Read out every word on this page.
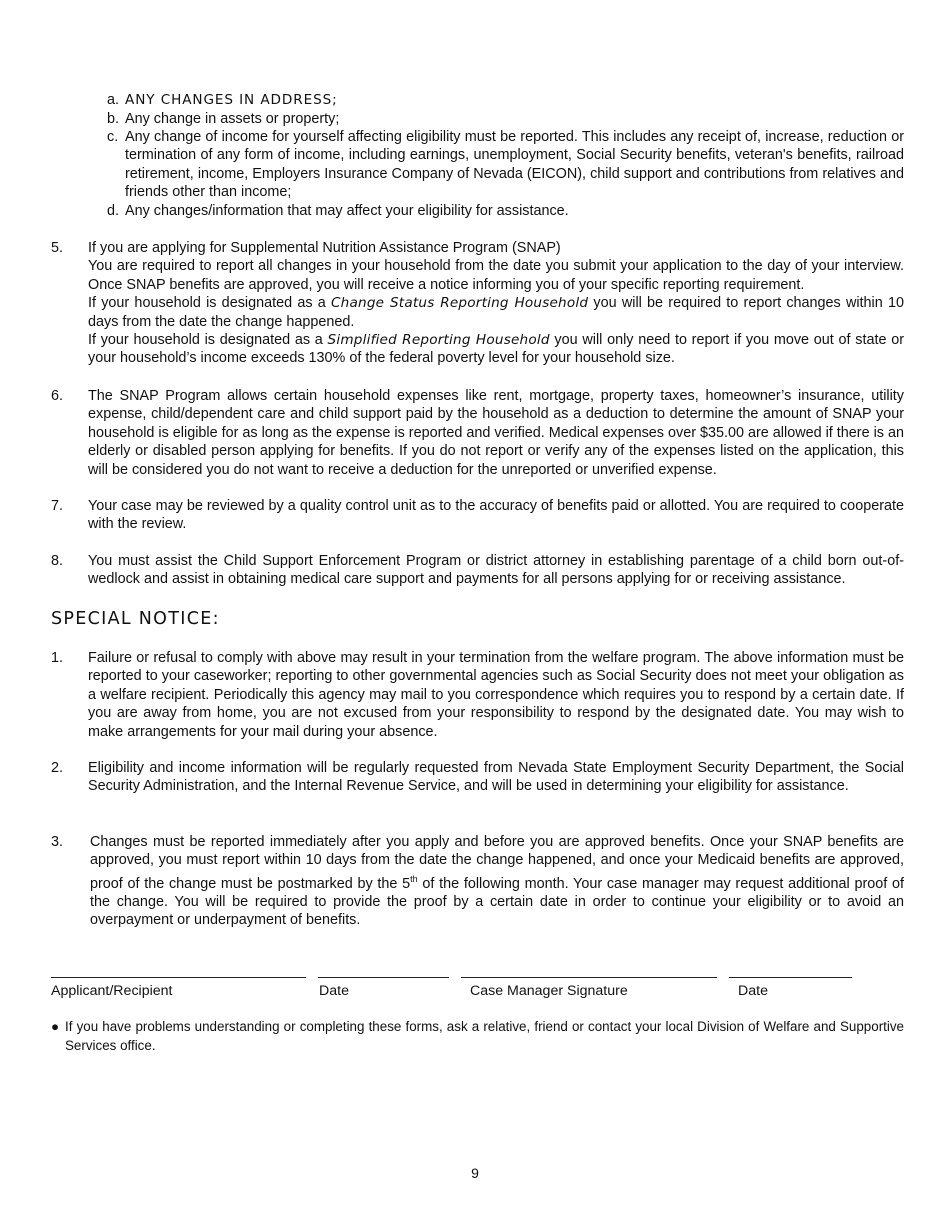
a. ANY CHANGES IN ADDRESS;

b. Any change in assets or property;

c. Any change of income for yourself affecting eligibility must be reported. This includes any receipt of, increase, reduction or termination of any form of income, including earnings, unemployment, Social Security benefits, veteran's benefits, railroad retirement, income, Employers Insurance Company of Nevada (EICON), child support and contributions from relatives and friends other than income;

d. Any changes/information that may affect your eligibility for assistance.

5. If you are applying for Supplemental Nutrition Assistance Program (SNAP)

You are required to report all changes in your household from the date you submit your application to the day of your interview. Once SNAP benefits are approved, you will receive a notice informing you of your specific reporting requirement.

If your household is designated as a Change Status Reporting Household you will be required to report changes within 10 days from the date the change happened.

If your household is designated as a Simplified Reporting Household you will only need to report if you move out of state or your household’s income exceeds 130% of the federal poverty level for your household size.

6. The SNAP Program allows certain household expenses like rent, mortgage, property taxes, homeowner’s insurance, utility expense, child/dependent care and child support paid by the household as a deduction to determine the amount of SNAP your household is eligible for as long as the expense is reported and verified. Medical expenses over $35.00 are allowed if there is an elderly or disabled person applying for benefits. If you do not report or verify any of the expenses listed on the application, this will be considered you do not want to receive a deduction for the unreported or unverified expense.

7. Your case may be reviewed by a quality control unit as to the accuracy of benefits paid or allotted. You are required to cooperate with the review.

8. You must assist the Child Support Enforcement Program or district attorney in establishing parentage of a child born out-of-wedlock and assist in obtaining medical care support and payments for all persons applying for or receiving assistance.

SPECIAL NOTICE:
1. Failure or refusal to comply with above may result in your termination from the welfare program. The above information must be reported to your caseworker; reporting to other governmental agencies such as Social Security does not meet your obligation as a welfare recipient. Periodically this agency may mail to you correspondence which requires you to respond by a certain date. If you are away from home, you are not excused from your responsibility to respond by the designated date. You may wish to make arrangements for your mail during your absence.

2. Eligibility and income information will be regularly requested from Nevada State Employment Security Department, the Social Security Administration, and the Internal Revenue Service, and will be used in determining your eligibility for assistance.

3. Changes must be reported immediately after you apply and before you are approved benefits. Once your SNAP benefits are approved, you must report within 10 days from the date the change happened, and once your Medicaid benefits are approved, proof of the change must be postmarked by the 5th of the following month. Your case manager may request additional proof of the change. You will be required to provide the proof by a certain date in order to continue your eligibility or to avoid an overpayment or underpayment of benefits.

Applicant/Recipient	Date	Case Manager Signature	Date
● If you have problems understanding or completing these forms, ask a relative, friend or contact your local Division of Welfare and Supportive Services office.

9
